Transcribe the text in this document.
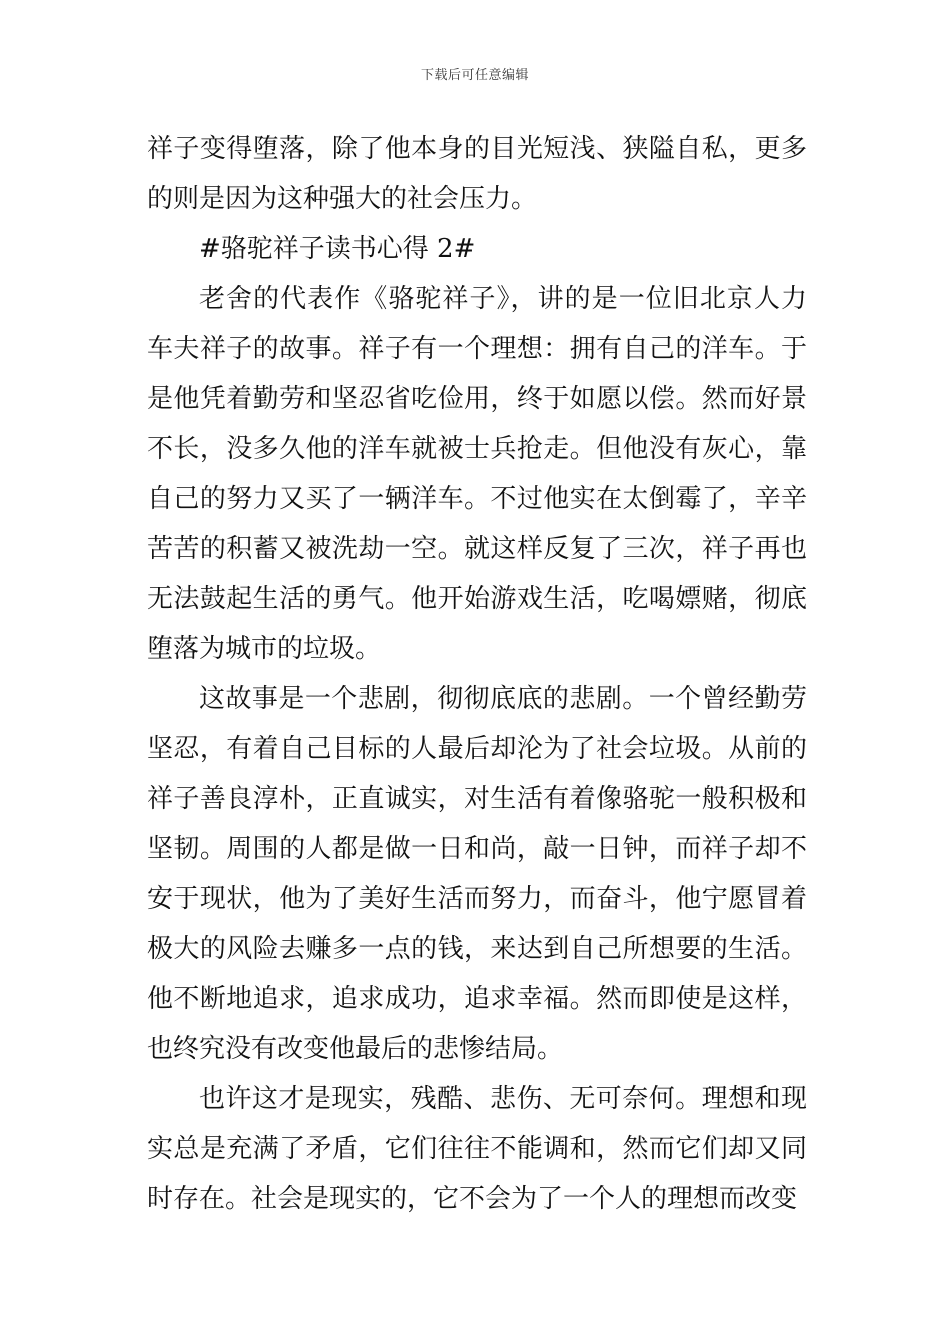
下载后可任意编辑

祥子变得堕落，除了他本身的目光短浅、狭隘自私，更多的则是因为这种强大的社会压力。

#骆驼祥子读书心得 2#

老舍的代表作《骆驼祥子》，讲的是一位旧北京人力车夫祥子的故事。祥子有一个理想：拥有自己的洋车。于是他凭着勤劳和坚忍省吃俭用，终于如愿以偿。然而好景不长，没多久他的洋车就被士兵抢走。但他没有灰心，靠自己的努力又买了一辆洋车。不过他实在太倒霉了，辛辛苦苦的积蓄又被洗劫一空。就这样反复了三次，祥子再也无法鼓起生活的勇气。他开始游戏生活，吃喝嫖赌，彻底堕落为城市的垃圾。

这故事是一个悲剧，彻彻底底的悲剧。一个曾经勤劳坚忍，有着自己目标的人最后却沦为了社会垃圾。从前的祥子善良淳朴，正直诚实，对生活有着像骆驼一般积极和坚韧。周围的人都是做一日和尚，敲一日钟，而祥子却不安于现状，他为了美好生活而努力，而奋斗，他宁愿冒着极大的风险去赚多一点的钱，来达到自己所想要的生活。他不断地追求，追求成功，追求幸福。然而即使是这样，也终究没有改变他最后的悲惨结局。

也许这才是现实，残酷、悲伤、无可奈何。理想和现实总是充满了矛盾，它们往往不能调和，然而它们却又同时存在。社会是现实的，它不会为了一个人的理想而改变
